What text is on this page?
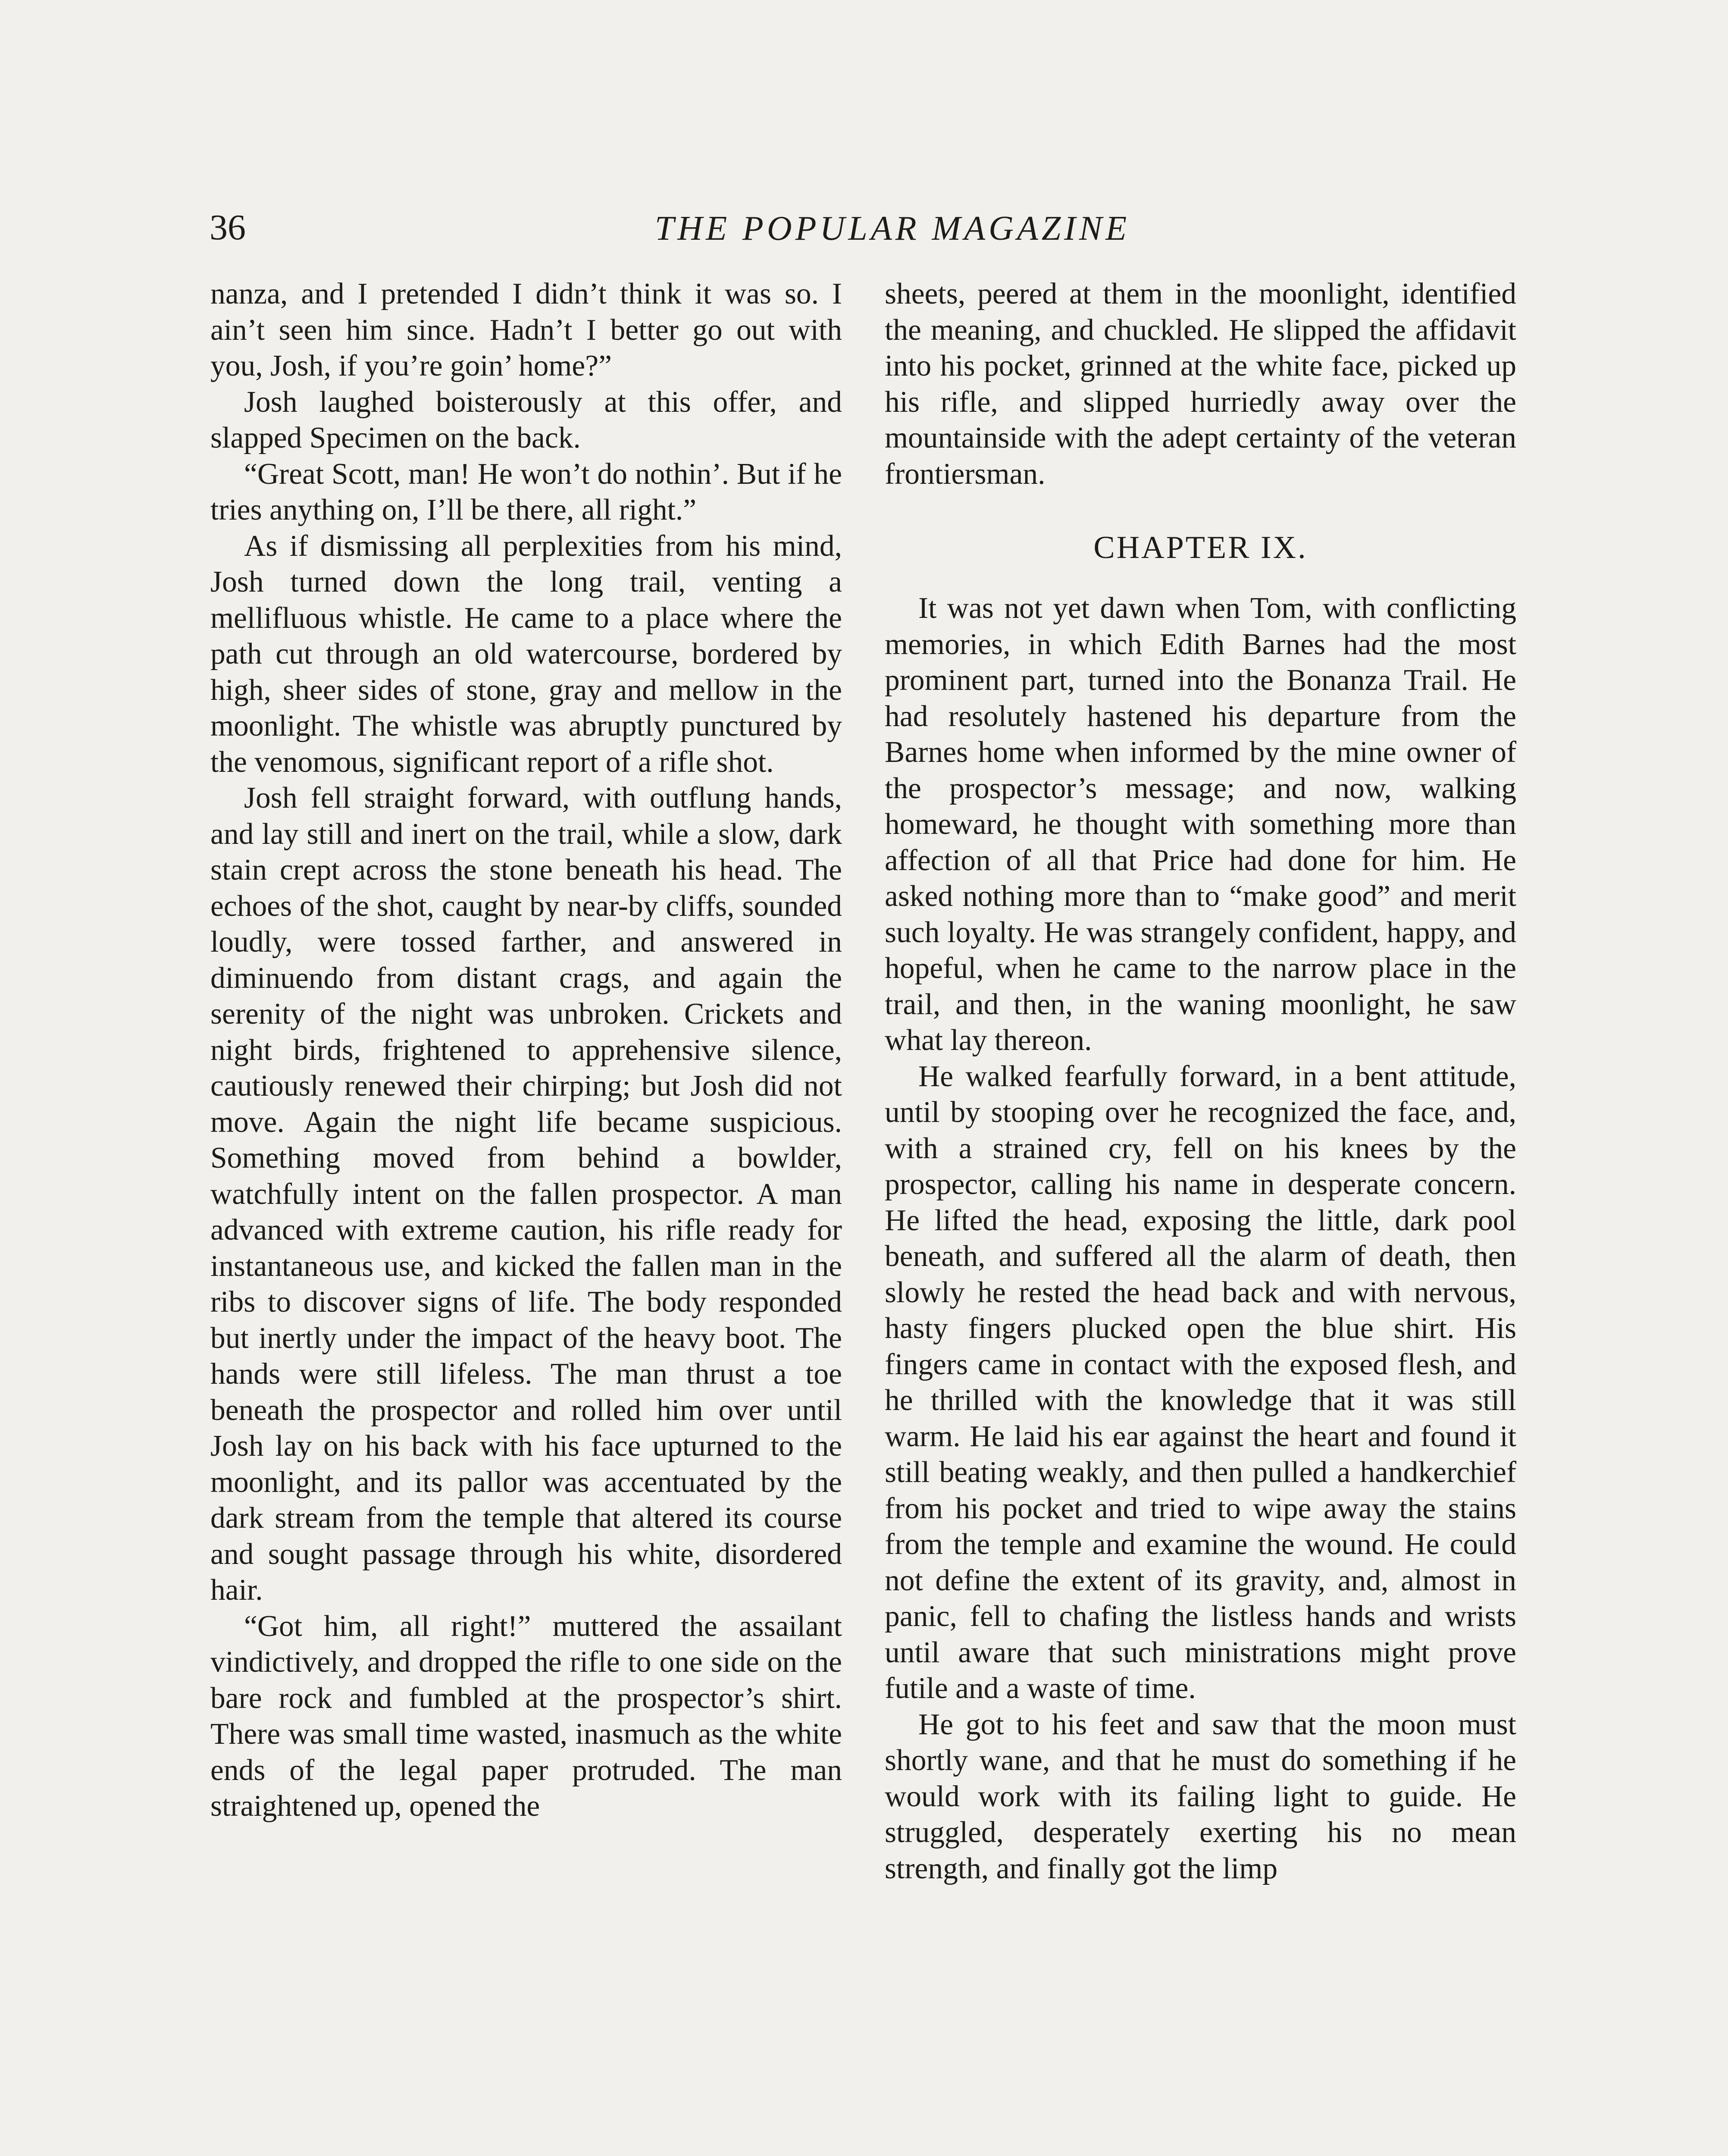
36	THE POPULAR MAGAZINE

nanza, and I pretended I didn’t think it was so. I ain’t seen him since. Hadn’t I better go out with you, Josh, if you’re goin’ home?”

Josh laughed boisterously at this offer, and slapped Specimen on the back.

“Great Scott, man! He won’t do nothin’. But if he tries anything on, I’ll be there, all right.”

As if dismissing all perplexities from his mind, Josh turned down the long trail, venting a mellifluous whistle. He came to a place where the path cut through an old watercourse, bordered by high, sheer sides of stone, gray and mellow in the moonlight. The whistle was abruptly punctured by the venomous, significant report of a rifle shot.

Josh fell straight forward, with outflung hands, and lay still and inert on the trail, while a slow, dark stain crept across the stone beneath his head. The echoes of the shot, caught by near-by cliffs, sounded loudly, were tossed farther, and answered in diminuendo from distant crags, and again the serenity of the night was unbroken. Crickets and night birds, frightened to apprehensive silence, cautiously renewed their chirping; but Josh did not move. Again the night life became suspicious. Something moved from behind a bowlder, watchfully intent on the fallen prospector. A man advanced with extreme caution, his rifle ready for instantaneous use, and kicked the fallen man in the ribs to discover signs of life. The body responded but inertly under the impact of the heavy boot. The hands were still lifeless. The man thrust a toe beneath the prospector and rolled him over until Josh lay on his back with his face upturned to the moonlight, and its pallor was accentuated by the dark stream from the temple that altered its course and sought passage through his white, disordered hair.

“Got him, all right!” muttered the assailant vindictively, and dropped the rifle to one side on the bare rock and fumbled at the prospector’s shirt. There was small time wasted, inasmuch as the white ends of the legal paper protruded. The man straightened up, opened the

sheets, peered at them in the moonlight, identified the meaning, and chuckled. He slipped the affidavit into his pocket, grinned at the white face, picked up his rifle, and slipped hurriedly away over the mountainside with the adept certainty of the veteran frontiersman.

CHAPTER IX.

It was not yet dawn when Tom, with conflicting memories, in which Edith Barnes had the most prominent part, turned into the Bonanza Trail. He had resolutely hastened his departure from the Barnes home when informed by the mine owner of the prospector’s message; and now, walking homeward, he thought with something more than affection of all that Price had done for him. He asked nothing more than to “make good” and merit such loyalty. He was strangely confident, happy, and hopeful, when he came to the narrow place in the trail, and then, in the waning moonlight, he saw what lay thereon.

He walked fearfully forward, in a bent attitude, until by stooping over he recognized the face, and, with a strained cry, fell on his knees by the prospector, calling his name in desperate concern. He lifted the head, exposing the little, dark pool beneath, and suffered all the alarm of death, then slowly he rested the head back and with nervous, hasty fingers plucked open the blue shirt. His fingers came in contact with the exposed flesh, and he thrilled with the knowledge that it was still warm. He laid his ear against the heart and found it still beating weakly, and then pulled a handkerchief from his pocket and tried to wipe away the stains from the temple and examine the wound. He could not define the extent of its gravity, and, almost in panic, fell to chafing the listless hands and wrists until aware that such ministrations might prove futile and a waste of time.

He got to his feet and saw that the moon must shortly wane, and that he must do something if he would work with its failing light to guide. He struggled, desperately exerting his no mean strength, and finally got the limp
